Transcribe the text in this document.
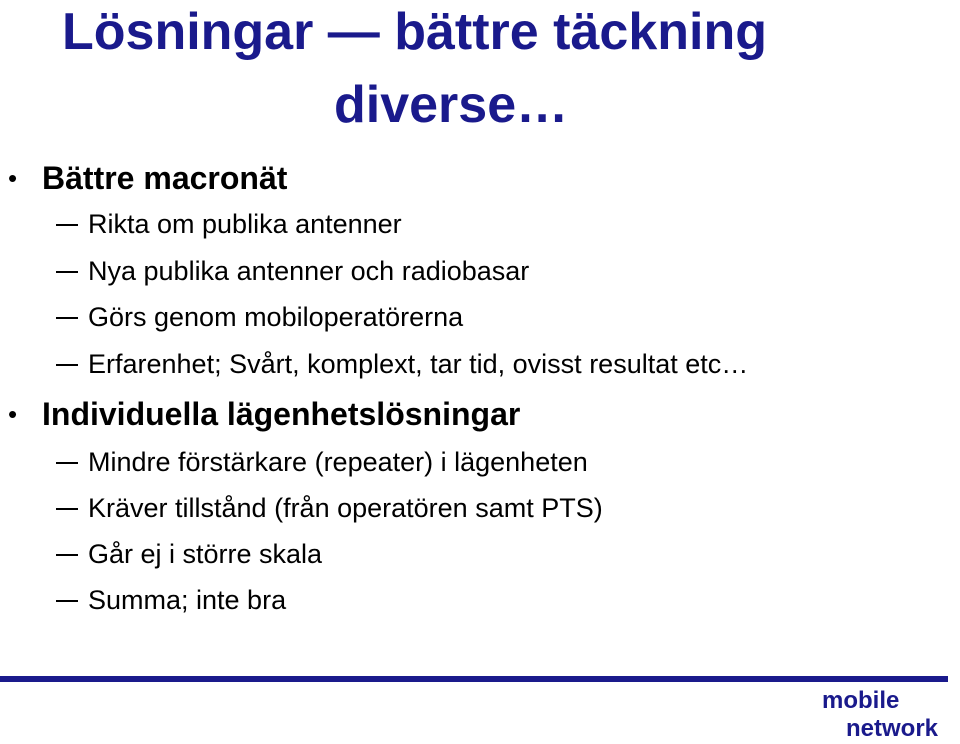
Lösningar — bättre täckning
diverse…
• Bättre macronät
Rikta om publika antenner
Nya publika antenner och radiobasar
Görs genom mobiloperatörerna
Erfarenhet; Svårt, komplext, tar tid, ovisst resultat etc…
• Individuella lägenhetslösningar
Mindre förstärkare (repeater) i lägenheten
Kräver tillstånd (från operatören samt PTS)
Går ej i större skala
Summa; inte bra
mobile
network
